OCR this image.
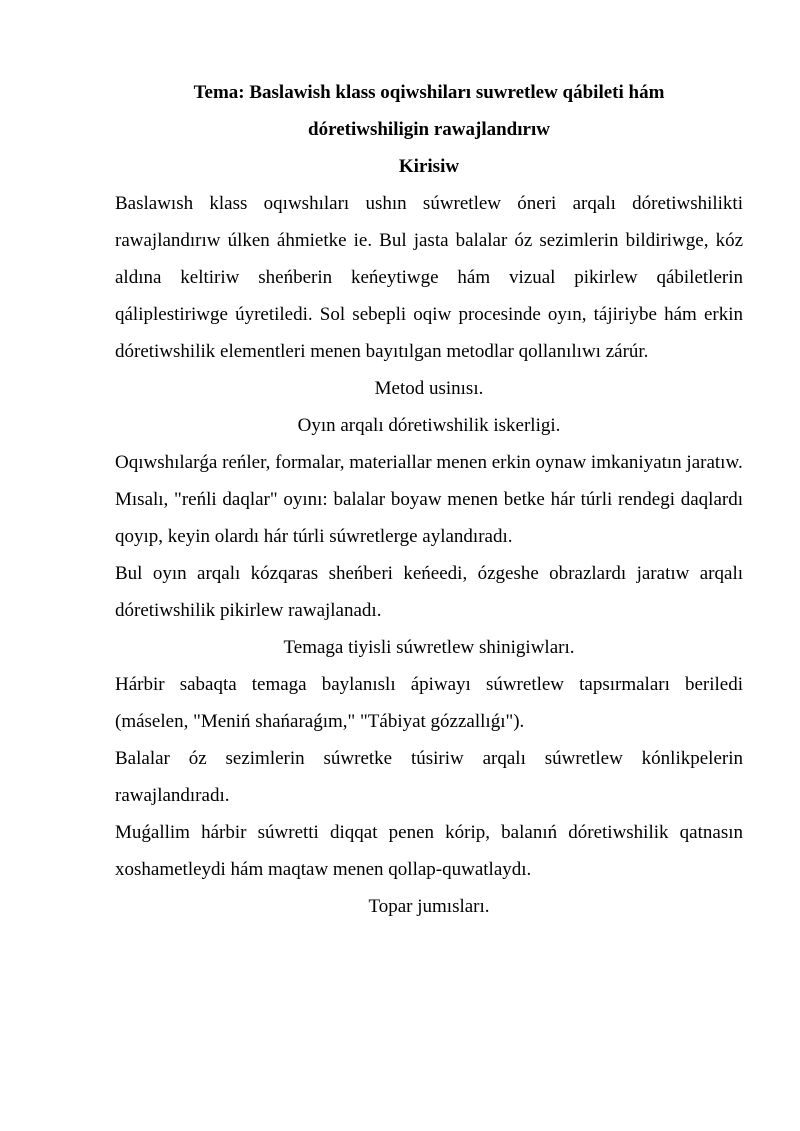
Tema: Baslawish klass oqiwshiları suwretlew qábileti hám

dóretiwshiligin rawajlandırıw

Kirisiw

Baslawısh klass oqıwshıları ushın súwretlew óneri arqalı dóretiwshilikti rawajlandırıw úlken áhmietke ie. Bul jasta balalar óz sezimlerin bildiriwge, kóz aldına keltiriw sheńberin keńeytiwge hám vizual pikirlew qábiletlerin qáliplestiriwge úyretiledi. Sol sebepli oqiw procesinde oyın, tájiriybe hám erkin dóretiwshilik elementleri menen bayıtılgan metodlar qollanılıwı zárúr.

Metod usinısı.

Oyın arqalı dóretiwshilik iskerligi.

Oqıwshılarǵa reńler, formalar, materiallar menen erkin oynaw imkaniyatın jaratıw.

Mısalı, "reńli daqlar" oyını: balalar boyaw menen betke hár túrli rendegi daqlardı qoyıp, keyin olardı hár túrli súwretlerge aylandıradı.

Bul oyın arqalı kózqaras sheńberi keńeedi, ózgeshe obrazlardı jaratıw arqalı dóretiwshilik pikirlew rawajlanadı.

Temaga tiyisli súwretlew shinigiwları.

Hárbir sabaqta temaga baylanıslı ápiwayı súwretlew tapsırmaları beriledi (máselen, "Meniń shańaraǵım," "Tábiyat gózzallıǵı").

Balalar óz sezimlerin súwretke túsiriw arqalı súwretlew kónlikpelerin rawajlandıradı.

Muǵallim hárbir súwretti diqqat penen kórip, balanıń dóretiwshilik qatnasın xoshametleydi hám maqtaw menen qollap-quwatlaydı.

Topar jumısları.
